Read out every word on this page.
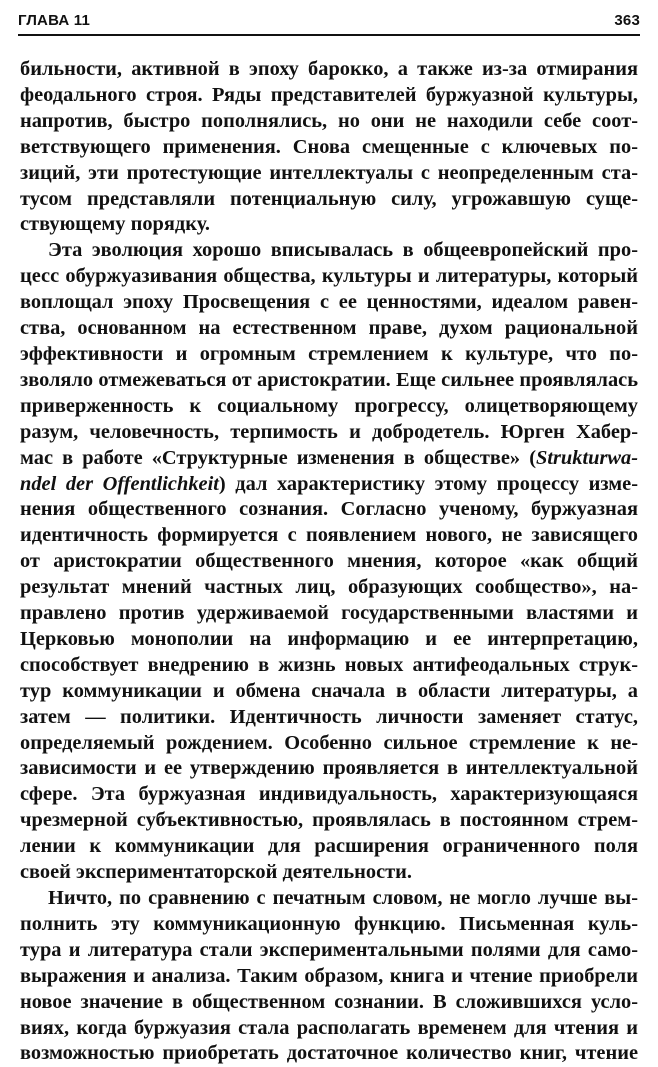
ГЛАВА 11	363

бильности, активной в эпоху барокко, а также из-за отмирания
феодального строя. Ряды представителей буржуазной культуры,
напротив, быстро пополнялись, но они не находили себе соот-
ветствующего применения. Снова смещенные с ключевых по-
зиций, эти протестующие интеллектуалы с неопределенным ста-
тусом представляли потенциальную силу, угрожавшую суще-
ствующему порядку.

Эта эволюция хорошо вписывалась в общеевропейский про-
цесс обуржуазивания общества, культуры и литературы, который
воплощал эпоху Просвещения с ее ценностями, идеалом равен-
ства, основанном на естественном праве, духом рациональной
эффективности и огромным стремлением к культуре, что по-
зволяло отмежеваться от аристократии. Еще сильнее проявлялась
приверженность к социальному прогрессу, олицетворяющему
разум, человечность, терпимость и добродетель. Юрген Хабер-
мас в работе «Структурные изменения в обществе» (Strukturwa-
ndel der Offentlichkeit) дал характеристику этому процессу изме-
нения общественного сознания. Согласно ученому, буржуазная
идентичность формируется с появлением нового, не зависящего
от аристократии общественного мнения, которое «как общий
результат мнений частных лиц, образующих сообщество», на-
правлено против удерживаемой государственными властями и
Церковью монополии на информацию и ее интерпретацию,
способствует внедрению в жизнь новых антифеодальных струк-
тур коммуникации и обмена сначала в области литературы, а
затем — политики. Идентичность личности заменяет статус,
определяемый рождением. Особенно сильное стремление к не-
зависимости и ее утверждению проявляется в интеллектуальной
сфере. Эта буржуазная индивидуальность, характеризующаяся
чрезмерной субъективностью, проявлялась в постоянном стрем-
лении к коммуникации для расширения ограниченного поля
своей экспериментаторской деятельности.

Ничто, по сравнению с печатным словом, не могло лучше вы-
полнить эту коммуникационную функцию. Письменная куль-
тура и литература стали экспериментальными полями для само-
выражения и анализа. Таким образом, книга и чтение приобрели
новое значение в общественном сознании. В сложившихся усло-
виях, когда буржуазия стала располагать временем для чтения и
возможностью приобретать достаточное количество книг, чтение
